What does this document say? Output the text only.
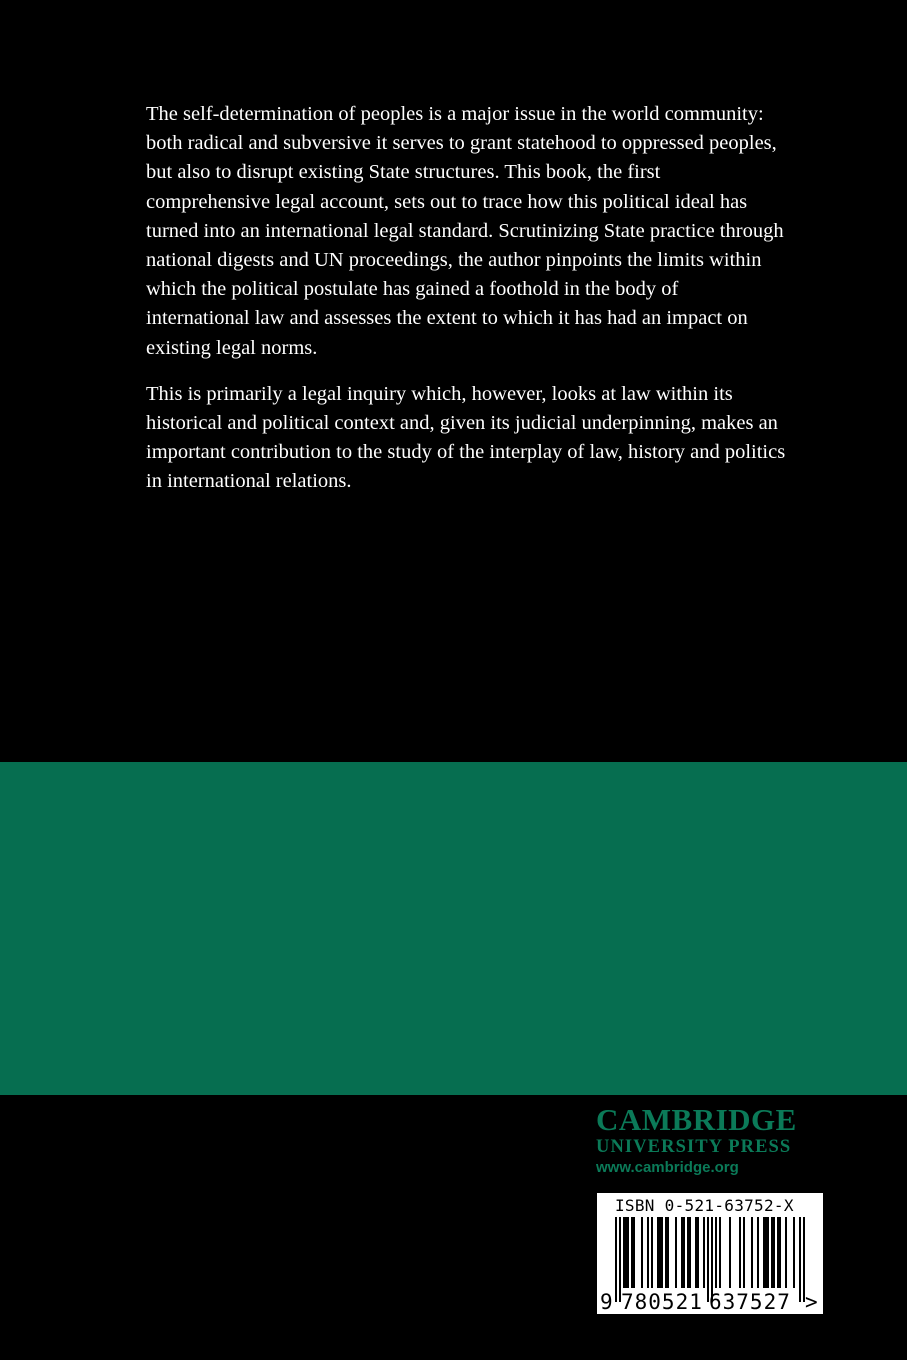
The self-determination of peoples is a major issue in the world community: both radical and subversive it serves to grant statehood to oppressed peoples, but also to disrupt existing State structures. This book, the first comprehensive legal account, sets out to trace how this political ideal has turned into an international legal standard. Scrutinizing State practice through national digests and UN proceedings, the author pinpoints the limits within which the political postulate has gained a foothold in the body of international law and assesses the extent to which it has had an impact on existing legal norms.

This is primarily a legal inquiry which, however, looks at law within its historical and political context and, given its judicial underpinning, makes an important contribution to the study of the interplay of law, history and politics in international relations.

CAMBRIDGE
UNIVERSITY PRESS
www.cambridge.org
ISBN 0-521-63752-X
9 780521 637527 >
